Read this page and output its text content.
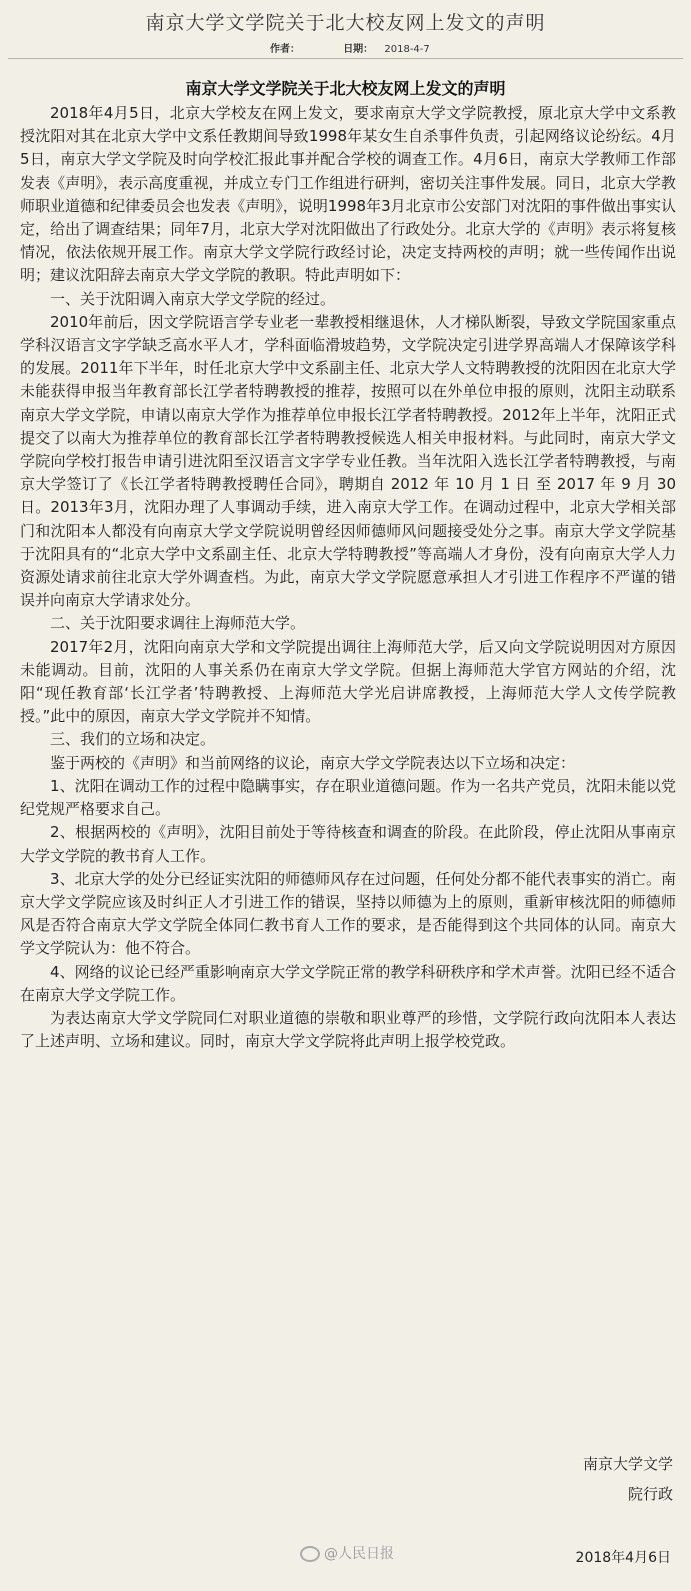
南京大学文学院关于北大校友网上发文的声明
作者：	日期： 2018-4-7
南京大学文学院关于北大校友网上发文的声明

2018年4月5日，北京大学校友在网上发文，要求南京大学文学院教授，原北京大学中文系教授沈阳对其在北京大学中文系任教期间导致1998年某女生自杀事件负责，引起网络议论纷纭。4月5日，南京大学文学院及时向学校汇报此事并配合学校的调查工作。4月6日，南京大学教师工作部发表《声明》，表示高度重视，并成立专门工作组进行研判，密切关注事件发展。同日，北京大学教师职业道德和纪律委员会也发表《声明》，说明1998年3月北京市公安部门对沈阳的事件做出事实认定，给出了调查结果；同年7月，北京大学对沈阳做出了行政处分。北京大学的《声明》表示将复核情况，依法依规开展工作。南京大学文学院行政经讨论，决定支持两校的声明；就一些传闻作出说明；建议沈阳辞去南京大学文学院的教职。特此声明如下：

一、关于沈阳调入南京大学文学院的经过。

2010年前后，因文学院语言学专业老一辈教授相继退休，人才梯队断裂，导致文学院国家重点学科汉语言文字学缺乏高水平人才，学科面临滑坡趋势，文学院决定引进学界高端人才保障该学科的发展。2011年下半年，时任北京大学中文系副主任、北京大学人文特聘教授的沈阳因在北京大学未能获得申报当年教育部长江学者特聘教授的推荐，按照可以在外单位申报的原则，沈阳主动联系南京大学文学院，申请以南京大学作为推荐单位申报长江学者特聘教授。2012年上半年，沈阳正式提交了以南大为推荐单位的教育部长江学者特聘教授候选人相关申报材料。与此同时，南京大学文学院向学校打报告申请引进沈阳至汉语言文字学专业任教。当年沈阳入选长江学者特聘教授，与南京大学签订了《长江学者特聘教授聘任合同》，聘期自 2012 年 10 月 1 日 至 2017 年 9 月 30 日。2013年3月，沈阳办理了人事调动手续，进入南京大学工作。在调动过程中，北京大学相关部门和沈阳本人都没有向南京大学文学院说明曾经因师德师风问题接受处分之事。南京大学文学院基于沈阳具有的“北京大学中文系副主任、北京大学特聘教授”等高端人才身份，没有向南京大学人力资源处请求前往北京大学外调查档。为此，南京大学文学院愿意承担人才引进工作程序不严谨的错误并向南京大学请求处分。

二、关于沈阳要求调往上海师范大学。

2017年2月，沈阳向南京大学和文学院提出调往上海师范大学，后又向文学院说明因对方原因未能调动。目前，沈阳的人事关系仍在南京大学文学院。但据上海师范大学官方网站的介绍，沈阳“现任教育部‘长江学者’特聘教授、上海师范大学光启讲席教授，上海师范大学人文传学院教授。”此中的原因，南京大学文学院并不知情。

三、我们的立场和决定。

鉴于两校的《声明》和当前网络的议论，南京大学文学院表达以下立场和决定：

1、沈阳在调动工作的过程中隐瞒事实，存在职业道德问题。作为一名共产党员，沈阳未能以党纪党规严格要求自己。

2、根据两校的《声明》，沈阳目前处于等待核查和调查的阶段。在此阶段，停止沈阳从事南京大学文学院的教书育人工作。

3、北京大学的处分已经证实沈阳的师德师风存在过问题，任何处分都不能代表事实的消亡。南京大学文学院应该及时纠正人才引进工作的错误，坚持以师德为上的原则，重新审核沈阳的师德师风是否符合南京大学文学院全体同仁教书育人工作的要求，是否能得到这个共同体的认同。南京大学文学院认为：他不符合。

4、网络的议论已经严重影响南京大学文学院正常的教学科研秩序和学术声誉。沈阳已经不适合在南京大学文学院工作。

为表达南京大学文学院同仁对职业道德的崇敬和职业尊严的珍惜，文学院行政向沈阳本人表达了上述声明、立场和建议。同时，南京大学文学院将此声明上报学校党政。

南京大学文学
院行政
@人民日报	2018年4月6日
